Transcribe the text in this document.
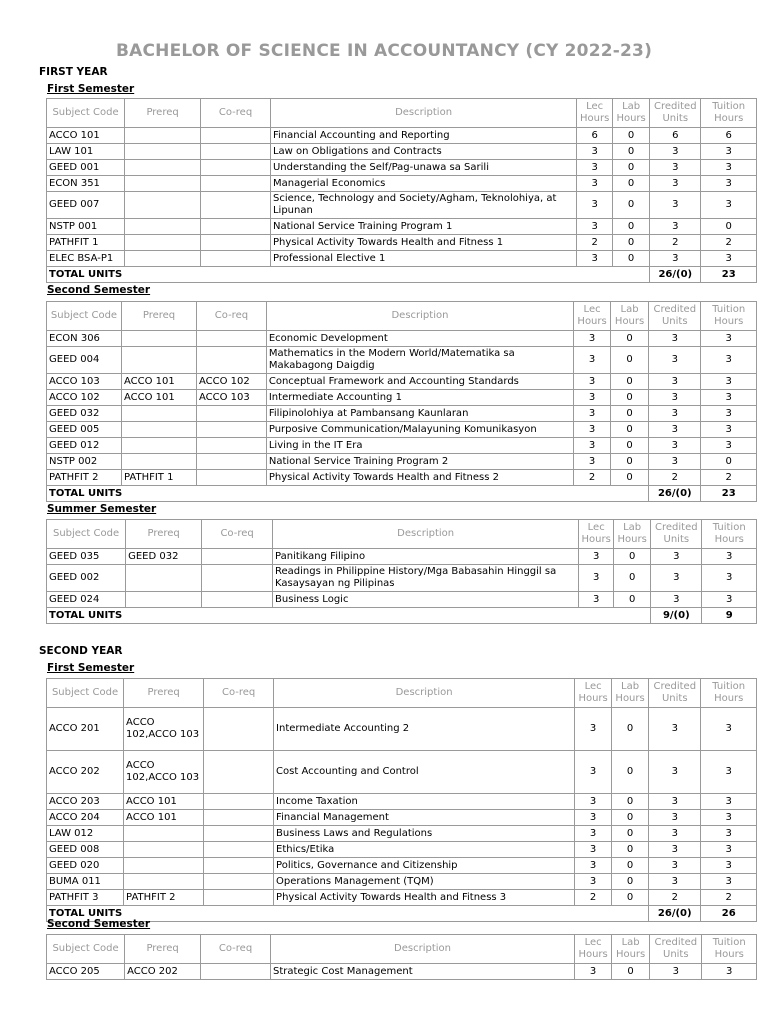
BACHELOR OF SCIENCE IN ACCOUNTANCY (CY 2022-23)
FIRST YEAR
First Semester
Subject Code	Prereq	Co-req	Description	Lec Hours	Lab Hours	Credited Units	Tuition Hours
ACCO 101			Financial Accounting and Reporting	6	0	6	6
LAW 101			Law on Obligations and Contracts	3	0	3	3
GEED 001			Understanding the Self/Pag-unawa sa Sarili	3	0	3	3
ECON 351			Managerial Economics	3	0	3	3
GEED 007			Science, Technology and Society/Agham, Teknolohiya, at Lipunan	3	0	3	3
NSTP 001			National Service Training Program 1	3	0	3	0
PATHFIT 1			Physical Activity Towards Health and Fitness 1	2	0	2	2
ELEC BSA-P1			Professional Elective 1	3	0	3	3
TOTAL UNITS						26/(0)	23
Second Semester
Subject Code	Prereq	Co-req	Description	Lec Hours	Lab Hours	Credited Units	Tuition Hours
ECON 306			Economic Development	3	0	3	3
GEED 004			Mathematics in the Modern World/Matematika sa Makabagong Daigdig	3	0	3	3
ACCO 103	ACCO 101	ACCO 102	Conceptual Framework and Accounting Standards	3	0	3	3
ACCO 102	ACCO 101	ACCO 103	Intermediate Accounting 1	3	0	3	3
GEED 032			Filipinolohiya at Pambansang Kaunlaran	3	0	3	3
GEED 005			Purposive Communication/Malayuning Komunikasyon	3	0	3	3
GEED 012			Living in the IT Era	3	0	3	3
NSTP 002			National Service Training Program 2	3	0	3	0
PATHFIT 2	PATHFIT 1		Physical Activity Towards Health and Fitness 2	2	0	2	2
TOTAL UNITS						26/(0)	23
Summer Semester
Subject Code	Prereq	Co-req	Description	Lec Hours	Lab Hours	Credited Units	Tuition Hours
GEED 035	GEED 032		Panitikang Filipino	3	0	3	3
GEED 002			Readings in Philippine History/Mga Babasahin Hinggil sa Kasaysayan ng Pilipinas	3	0	3	3
GEED 024			Business Logic	3	0	3	3
TOTAL UNITS						9/(0)	9
SECOND YEAR
First Semester
Subject Code	Prereq	Co-req	Description	Lec Hours	Lab Hours	Credited Units	Tuition Hours
ACCO 201	ACCO 102,ACCO 103		Intermediate Accounting 2	3	0	3	3
ACCO 202	ACCO 102,ACCO 103		Cost Accounting and Control	3	0	3	3
ACCO 203	ACCO 101		Income Taxation	3	0	3	3
ACCO 204	ACCO 101		Financial Management	3	0	3	3
LAW 012			Business Laws and Regulations	3	0	3	3
GEED 008			Ethics/Etika	3	0	3	3
GEED 020			Politics, Governance and Citizenship	3	0	3	3
BUMA 011			Operations Management (TQM)	3	0	3	3
PATHFIT 3	PATHFIT 2		Physical Activity Towards Health and Fitness 3	2	0	2	2
TOTAL UNITS						26/(0)	26
Second Semester
Subject Code	Prereq	Co-req	Description	Lec Hours	Lab Hours	Credited Units	Tuition Hours
ACCO 205	ACCO 202		Strategic Cost Management	3	0	3	3
